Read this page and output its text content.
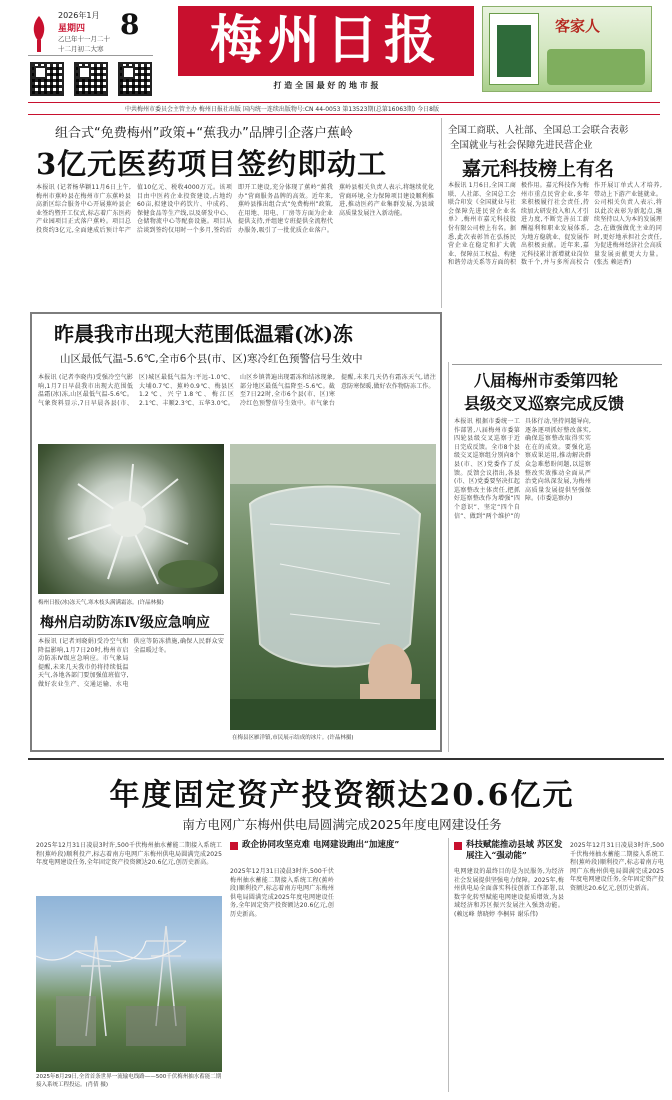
2026年1月
星期四 8
乙巳年十一月二十
十二月初二大寒	梅州日报
打 造 全 国 最 好 的 地 市 报
客家人
中共梅州市委员会主管主办 梅州日报社出版 国内统一连续出版物号:CN 44-0053 第13523期(总第16063期) 今日8版
组合式“免费梅州”政策+“蕉我办”品牌引企落户蕉岭
3亿元医药项目签约即动工

本报讯 (记者杨华颖11月6日上午,梅州市蕉岭县在梅州市广东蕉岭县高新区综合服务中心开展蕉岭县企业签约暨开工仪式,标志着广东医药产业园项目正式落户蕉岭。项目总投资约3亿元,全面建成后预计年产值10亿元、税收4000万元。该项目由中医药企业投资建设,占地约60亩,拟建设中药饮片、中成药、保健食品等生产线,以及研发中心、仓储物流中心等配套设施。项目从洽谈到签约仅用时一个多月,签约后即开工建设,充分体现了蕉岭“蕉我办”营商服务品牌的高效。近年来,蕉岭县推出组合式“免费梅州”政策,在用地、用电、厂房等方面为企业提供支持,并组建专班提供全流程代办服务,吸引了一批优质企业落户。蕉岭县相关负责人表示,将继续优化营商环境,全力保障项目建设顺利推进,推动医药产业集群发展,为县域高质量发展注入新动能。

全国工商联、人社部、全国总工会联合表彰
全国就业与社会保障先进民营企业
嘉元科技榜上有名

本报讯 1月6日,全国工商联、人社部、全国总工会联合印发《全国就业与社会保障先进民营企业名单》,梅州市嘉元科技股份有限公司榜上有名。据悉,此次表彰旨在弘扬民营企业在稳定和扩大就业、保障员工权益、构建和谐劳动关系等方面的积极作用。嘉元科技作为梅州市重点民营企业,多年来积极履行社会责任,持续加大研发投入和人才引进力度,不断完善员工薪酬福利和职业发展体系,为地方稳就业、促发展作出积极贡献。近年来,嘉元科技累计新增就业岗位数千个,并与多所高校合作开展订单式人才培养,带动上下游产业链就业。公司相关负责人表示,将以此次表彰为新起点,继续坚持以人为本的发展理念,在做强做优主业的同时,更好地承担社会责任,为促进梅州经济社会高质量发展贡献更大力量。(张杰 赖运香)

昨晨我市出现大范围低温霜(冰)冻
山区最低气温-5.6℃,全市6个县(市、区)寒冷红色预警信号生效中

本报讯 (记者李晓冉)受强冷空气影响,1月7日早晨我市出现大范围低温霜(冰)冻,山区最低气温-5.6℃。气象资料显示,7日早晨各县(市、区)城区最低气温为:平远-1.0℃、大埔0.7℃、蕉岭0.9℃、梅县区1.2℃、兴宁1.8℃、梅江区2.1℃、丰顺2.3℃、五华3.0℃。山区乡镇普遍出现霜冻和结冰现象,部分地区最低气温降至-5.6℃。截至7日22时,全市6个县(市、区)寒冷红色预警信号生效中。市气象台提醒,未来几天仍有霜冻天气,请注意防寒保暖,做好农作物防冻工作。

梅州日报(冰)冻天气,寒木枝头满满霜冻。(许晶林摄)
在梅县区雁洋镇,市民展示结成的冰片。(许晶林摄)
梅州启动防冻Ⅳ级应急响应

本报讯 (记者刘晓娟)受冷空气和降温影响,1月7日20时,梅州市启动防冻Ⅳ级应急响应。市气象局提醒,未来几天我市仍将持续低温天气,各地各部门要加强值班值守,做好农业生产、交通运输、水电供应等防冻措施,确保人民群众安全温暖过冬。

八届梅州市委第四轮
县级交叉巡察完成反馈

本报讯 根据市委统一工作部署,八届梅州市委第四轮县级交叉巡察于近日完成反馈。全市8个县级交叉巡察组分别向8个县(市、区)党委作了反馈。反馈会议指出,各县(市、区)党委要坚决扛起巡察整改主体责任,把抓好巡察整改作为增强“四个意识”、坚定“四个自信”、做到“两个维护”的具体行动,坚持问题导向,逐条逐项抓好整改落实,确保巡察整改取得实实在在的成效。要强化巡察成果运用,推动解决群众急难愁盼问题,以巡察整改实效推动全面从严治党向纵深发展,为梅州高质量发展提供坚强保障。(市委巡察办)

年度固定资产投资额达20.6亿元
南方电网广东梅州供电局圆满完成2025年度电网建设任务

2025年12月31日凌晨3时许,500千伏梅州抽水蓄能二期接入系统工程(蕉岭段)顺利投产,标志着南方电网广东梅州供电局圆满完成2025年度电网建设任务,全年固定资产投资额达20.6亿元,创历史新高。

2025年8月29日,全省首条世界一流输电线路——500千伏梅州抽水蓄能二期接入系统工程投运。(肖倩 摄)
政企协同攻坚克难 电网建设跑出“加速度”

2025年12月31日凌晨3时许,500千伏梅州抽水蓄能二期接入系统工程(蕉岭段)顺利投产,标志着南方电网广东梅州供电局圆满完成2025年度电网建设任务,全年固定资产投资额达20.6亿元,创历史新高。

科技赋能推动县域 苏区发展注入“强动能”

电网建设的最终目的是为民服务,为经济社会发展提供坚强电力保障。2025年,梅州供电局全面落实科技创新工作部署,以数字化转型赋能电网建设提质增效,为县域经济和苏区振兴发展注入强劲动能。(赖远峰 蔡晓婷 李桐昇 谢乐伟)

2025年12月31日凌晨3时许,500千伏梅州抽水蓄能二期接入系统工程(蕉岭段)顺利投产,标志着南方电网广东梅州供电局圆满完成2025年度电网建设任务,全年固定资产投资额达20.6亿元,创历史新高。
